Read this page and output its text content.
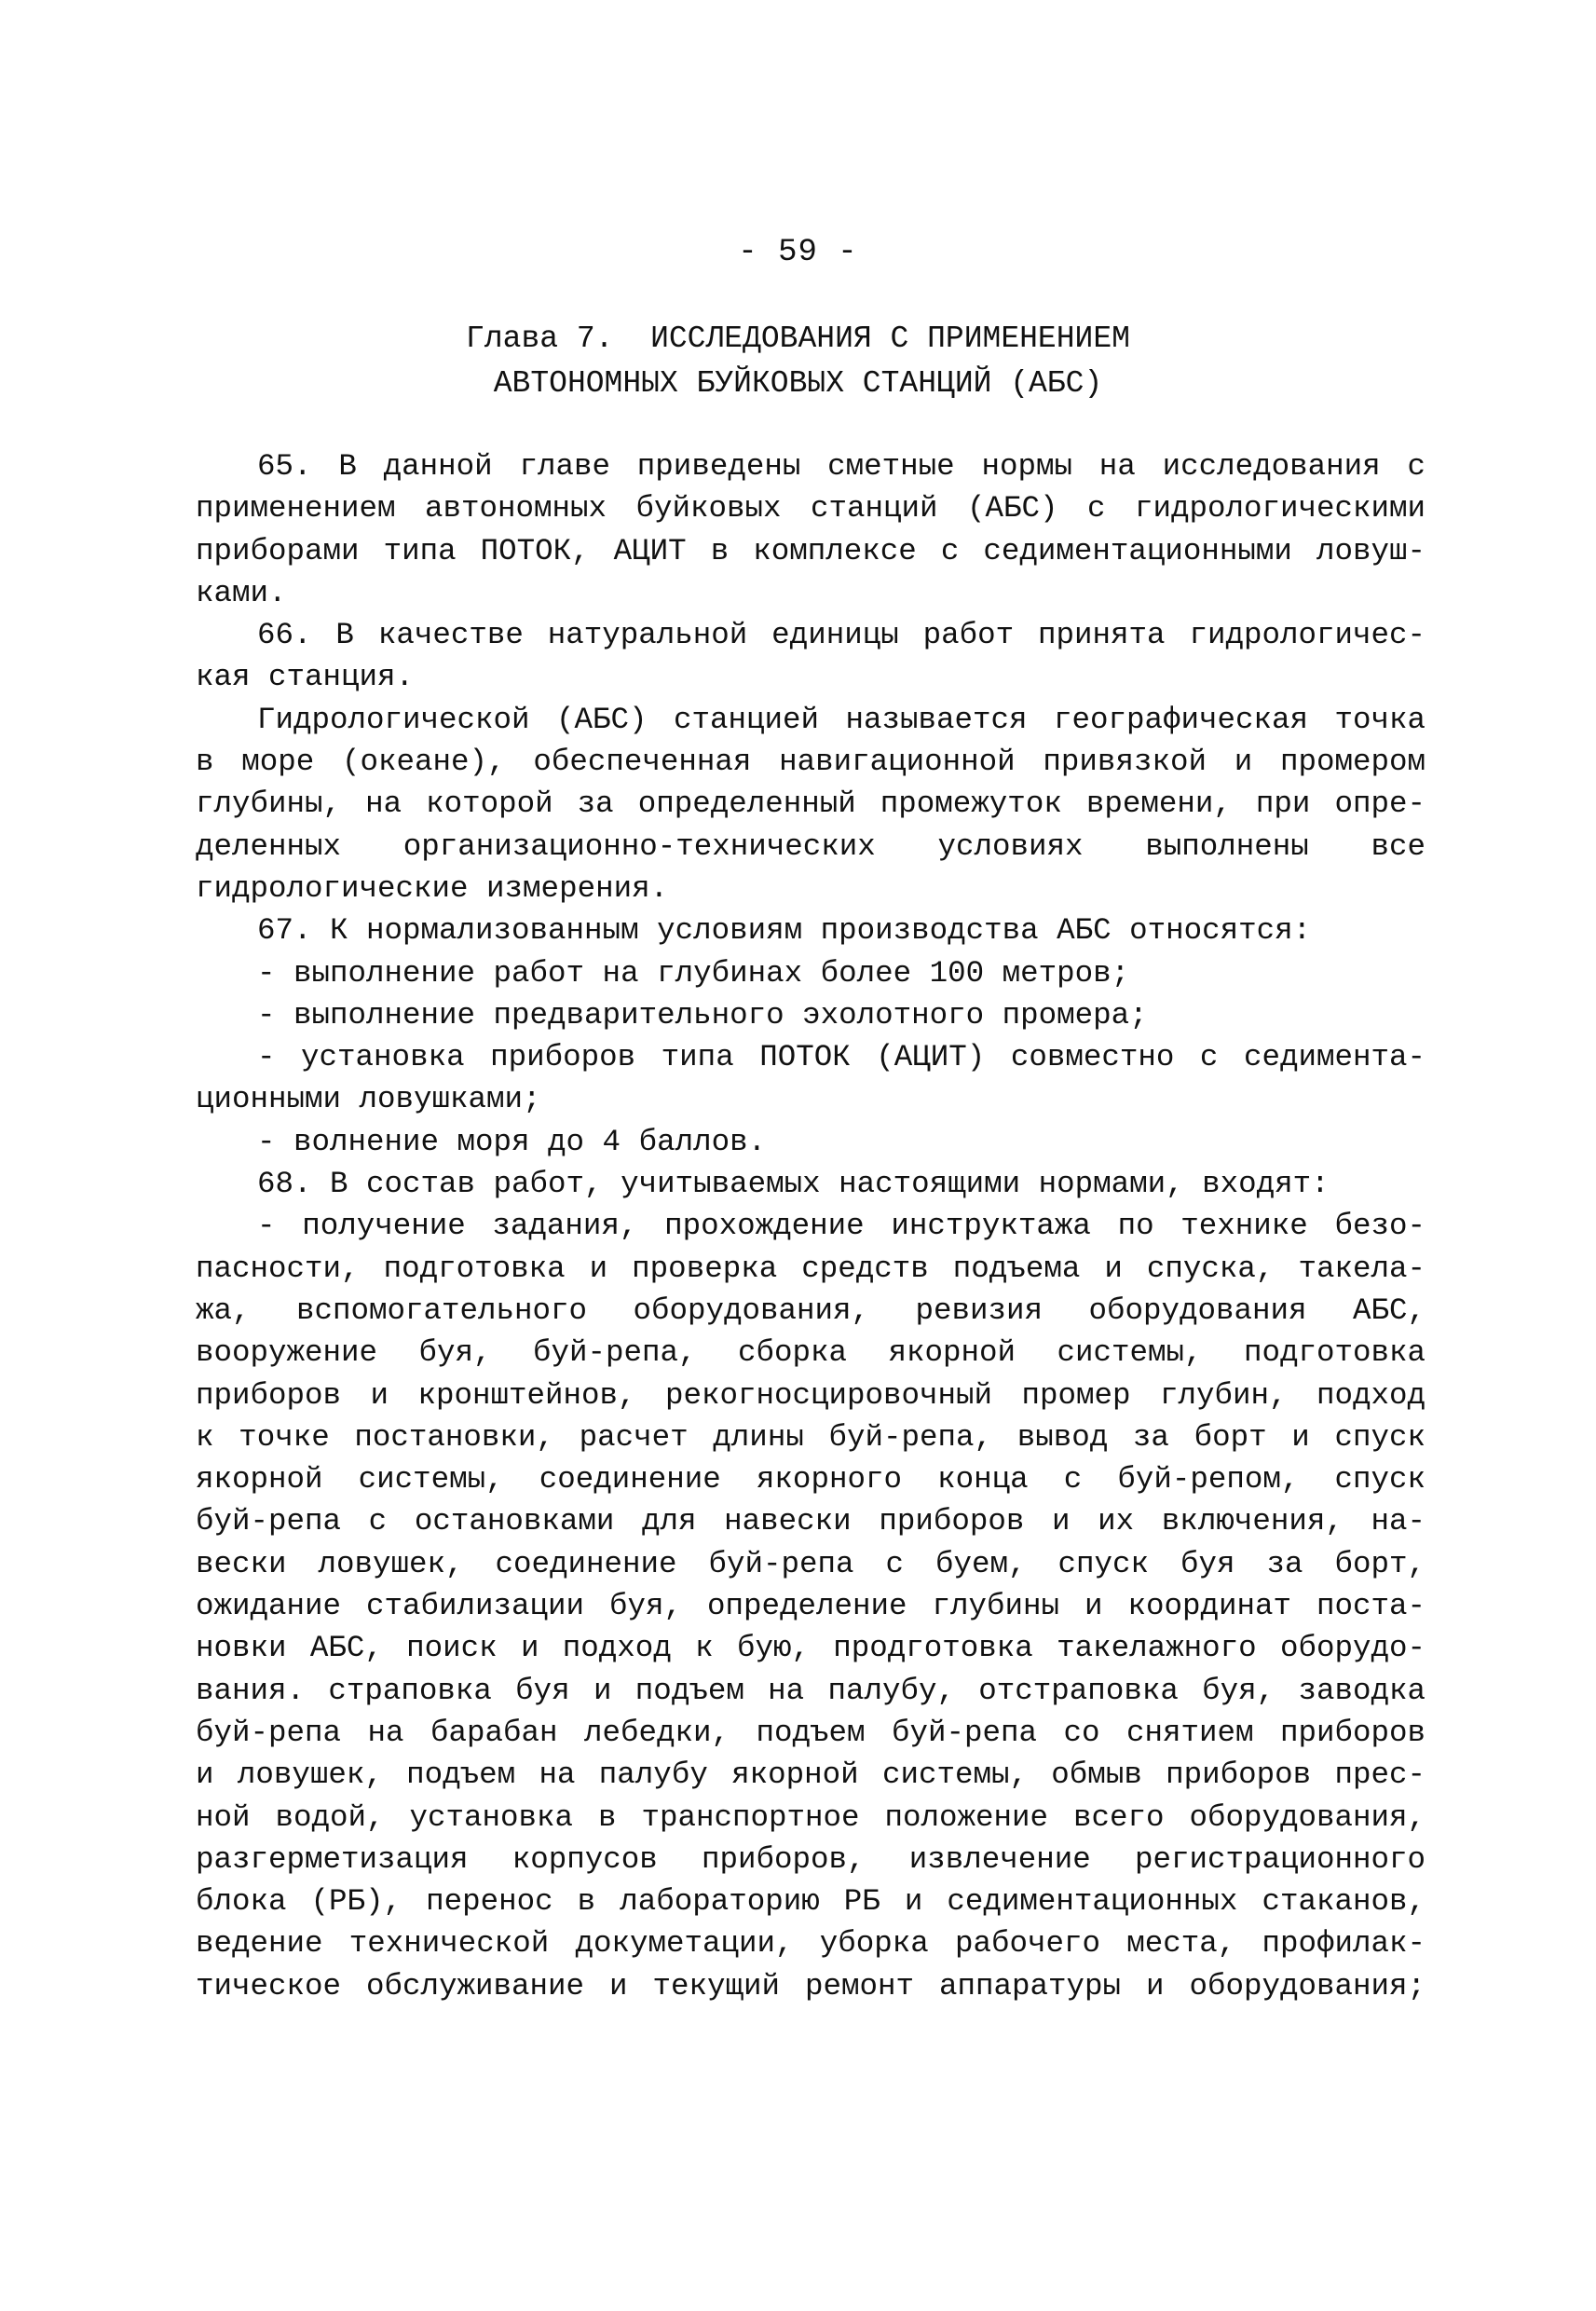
- 59 -
Глава 7.  ИССЛЕДОВАНИЯ С ПРИМЕНЕНИЕМ
АВТОНОМНЫХ БУЙКОВЫХ СТАНЦИЙ (АБС)
65. В данной главе приведены сметные нормы на исследования с
применением автономных буйковых станций (АБС) с гидрологическими
приборами типа ПОТОК, АЦИТ в комплексе с седиментационными ловуш-
ками.
66. В качестве натуральной единицы работ принята гидрологичес-
кая станция.
Гидрологической (АБС) станцией называется географическая точка
в море (океане), обеспеченная навигационной привязкой и промером
глубины, на которой за определенный промежуток времени, при опре-
деленных организационно-технических условиях выполнены все
гидрологические измерения.
67. К нормализованным условиям производства АБС относятся:
- выполнение работ на глубинах более 100 метров;
- выполнение предварительного эхолотного промера;
- установка приборов типа ПОТОК (АЦИТ) совместно с седимента-
ционными ловушками;
- волнение моря до 4 баллов.
68. В состав работ, учитываемых настоящими нормами, входят:
- получение задания, прохождение инструктажа по технике безо-
пасности, подготовка и проверка средств подъема и спуска, такела-
жа, вспомогательного оборудования, ревизия оборудования АБС,
вооружение буя, буй-репа, сборка якорной системы, подготовка
приборов и кронштейнов, рекогносцировочный промер глубин, подход
к точке постановки, расчет длины буй-репа, вывод за борт и спуск
якорной системы, соединение якорного конца с буй-репом, спуск
буй-репа с остановками для навески приборов и их включения, на-
вески ловушек, соединение буй-репа с буем, спуск буя за борт,
ожидание стабилизации буя, определение глубины и координат поста-
новки АБС, поиск и подход к бую, продготовка такелажного оборудо-
вания. страповка буя и подъем на палубу, отстраповка буя, заводка
буй-репа на барабан лебедки, подъем буй-репа со снятием приборов
и ловушек, подъем на палубу якорной системы, обмыв приборов прес-
ной водой, установка в транспортное положение всего оборудования,
разгерметизация корпусов приборов, извлечение регистрационного
блока (РБ), перенос в лабораторию РБ и седиментационных стаканов,
ведение технической докуметации, уборка рабочего места, профилак-
тическое обслуживание и текущий ремонт аппаратуры и оборудования;
